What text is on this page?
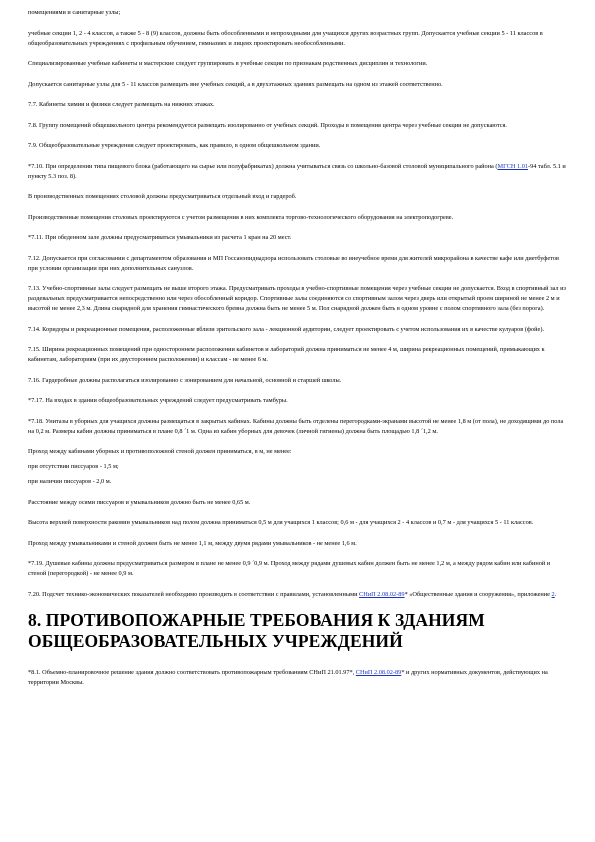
помещениями и санитарные узлы;

учебные секции 1, 2 - 4 классов, а также 5 - 8 (9) классов, должны быть обособленными и непроходными для учащихся других возрастных групп. Допускается учебные секции 5 - 11 классов в общеобразовательных учреждениях с профильным обучением, гимназиях и лицеях проектировать необособленными.

Специализированные учебные кабинеты и мастерские следует группировать в учебные секции по признакам родственных дисциплин и технологии.

Допускается санитарные узлы для 5 - 11 классов размещать вне учебных секций, а в двухэтажных зданиях размещать на одном из этажей соответственно.

7.7. Кабинеты химии и физики следует размещать на нижних этажах.

7.8. Группу помещений общешкольного центра рекомендуется размещать изолированно от учебных секций. Проходы в помещения центра через учебные секции не допускаются.

7.9. Общеобразовательные учреждения следует проектировать, как правило, в одном общешкольном здании.

*7.10. При определении типа пищевого блока (работающего на сырье или полуфабрикатах) должна учитываться связь со школьно-базовой столовой муниципального района (МГСН 1.01-94 табл. 5.1 и пункту 5.3 поз. 8).

В производственных помещениях столовой должны предусматриваться отдельный вход и гардероб.

Производственные помещения столовых проектируются с учетом размещения в них комплекта торгово-технологического оборудования на электроподогреве.

*7.11. При обеденном зале должны предусматриваться умывальники из расчета 1 кран на 20 мест.

7.12. Допускается при согласовании с департаментом образования и МП Госсанэпиднадзора использовать столовые во внеучебное время для жителей микрорайона в качестве кафе или диетбуфетов при условии организации при них дополнительных санузлов.

7.13. Учебно-спортивные залы следует размещать не выше второго этажа. Предусматривать проходы в учебно-спортивные помещения через учебные секции не допускается. Вход в спортивный зал из раздевальных предусматривается непосредственно или через обособленный коридор. Спортивные залы соединяются со спортивным залом через дверь или открытый проем шириной не менее 2 м и высотой не менее 2,3 м. Длина снарядной для хранения гимнастического бревна должна быть не менее 5 м. Пол снарядной должен быть в одном уровне с полом спортивного зала (без порога).

7.14. Коридоры и рекреационные помещения, расположенные вблизи зрительского зала - лекционной аудитории, следует проектировать с учетом использования их в качестве кулуаров (фойе).

7.15. Ширина рекреационных помещений при одностороннем расположении кабинетов и лабораторий должна приниматься не менее 4 м, ширина рекреационных помещений, примыкающих к кабинетам, лабораториям (при их двустороннем расположении) и классам - не менее 6 м.

7.16. Гардеробные должны располагаться изолированно с зонированием для начальной, основной и старшей школы.

*7.17. На входах в здании общеобразовательных учреждений следует предусматривать тамбуры.

*7.18. Унитазы в уборных для учащихся должны размещаться в закрытых кабинах. Кабины должны быть отделены перегородками-экранами высотой не менее 1,8 м (от пола), не доходящими до пола на 0,2 м. Размеры кабин должны приниматься в плане 0,8 ´1 м. Одна из кабин уборных для девочек (личной гигиены) должна быть площадью 1,8 ´1,2 м.

Проход между кабинами уборных и противоположной стеной должен приниматься, в м, не менее:

при отсутствии писсуаров - 1,5 м;

при наличии писсуаров - 2,0 м.

Расстояние между осями писсуаров и умывальников должно быть не менее 0,65 м.

Высота верхней поверхности раковин умывальников над полом должна приниматься 0,5 м для учащихся 1 классов; 0,6 м - для учащихся 2 - 4 классов и 0,7 м - для учащихся 5 - 11 классов.

Проход между умывальниками и стеной должен быть не менее 1,1 м, между двумя рядами умывальников - не менее 1,6 м.

*7.19. Душевые кабины должны предусматриваться размером в плане не менее 0,9 ´0,9 м. Проход между рядами душевых кабин должен быть не менее 1,2 м, а между рядом кабин или кабиной и стеной (перегородкой) - не менее 0,9 м.

7.20. Подсчет технико-экономических показателей необходимо производить в соответствии с правилами, установленными СНиП 2.08.02-89* «Общественные здания и сооружения», приложение 2.

8. ПРОТИВОПОЖАРНЫЕ ТРЕБОВАНИЯ К ЗДАНИЯМ ОБЩЕОБРАЗОВАТЕЛЬНЫХ УЧРЕЖДЕНИЙ

*8.1. Объемно-планировочное решение здания должно соответствовать противопожарным требованиям СНиП 21.01.97*, СНиП 2.08.02-89* и других нормативных документов, действующих на территории Москвы.
